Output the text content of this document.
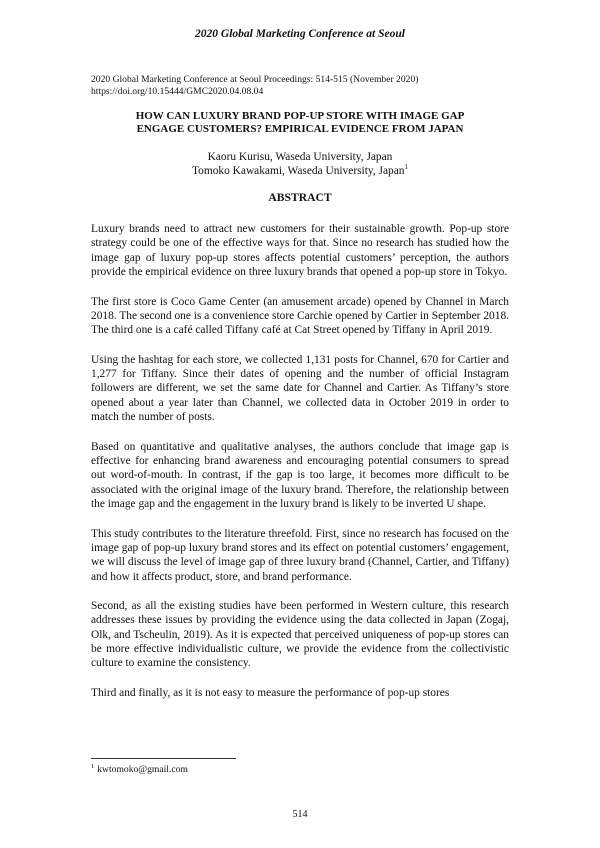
2020 Global Marketing Conference at Seoul
2020 Global Marketing Conference at Seoul Proceedings: 514-515 (November 2020)
https://doi.org/10.15444/GMC2020.04.08.04
HOW CAN LUXURY BRAND POP-UP STORE WITH IMAGE GAP
ENGAGE CUSTOMERS? EMPIRICAL EVIDENCE FROM JAPAN
Kaoru Kurisu, Waseda University, Japan
Tomoko Kawakami, Waseda University, Japan$^1$
ABSTRACT

Luxury brands need to attract new customers for their sustainable growth. Pop-up store strategy could be one of the effective ways for that. Since no research has studied how the image gap of luxury pop-up stores affects potential customers’ perception, the authors provide the empirical evidence on three luxury brands that opened a pop-up store in Tokyo.

The first store is Coco Game Center (an amusement arcade) opened by Channel in March 2018. The second one is a convenience store Carchie opened by Cartier in September 2018. The third one is a café called Tiffany café at Cat Street opened by Tiffany in April 2019.

Using the hashtag for each store, we collected 1,131 posts for Channel, 670 for Cartier and 1,277 for Tiffany. Since their dates of opening and the number of official Instagram followers are different, we set the same date for Channel and Cartier. As Tiffany’s store opened about a year later than Channel, we collected data in October 2019 in order to match the number of posts.

Based on quantitative and qualitative analyses, the authors conclude that image gap is effective for enhancing brand awareness and encouraging potential consumers to spread out word-of-mouth. In contrast, if the gap is too large, it becomes more difficult to be associated with the original image of the luxury brand. Therefore, the relationship between the image gap and the engagement in the luxury brand is likely to be inverted U shape.

This study contributes to the literature threefold. First, since no research has focused on the image gap of pop-up luxury brand stores and its effect on potential customers’ engagement, we will discuss the level of image gap of three luxury brand (Channel, Cartier, and Tiffany) and how it affects product, store, and brand performance.

Second, as all the existing studies have been performed in Western culture, this research addresses these issues by providing the evidence using the data collected in Japan (Zogaj, Olk, and Tscheulin, 2019). As it is expected that perceived uniqueness of pop-up stores can be more effective individualistic culture, we provide the evidence from the collectivistic culture to examine the consistency.

Third and finally, as it is not easy to measure the performance of pop-up stores

$^1$ kwtomoko@gmail.com
514
